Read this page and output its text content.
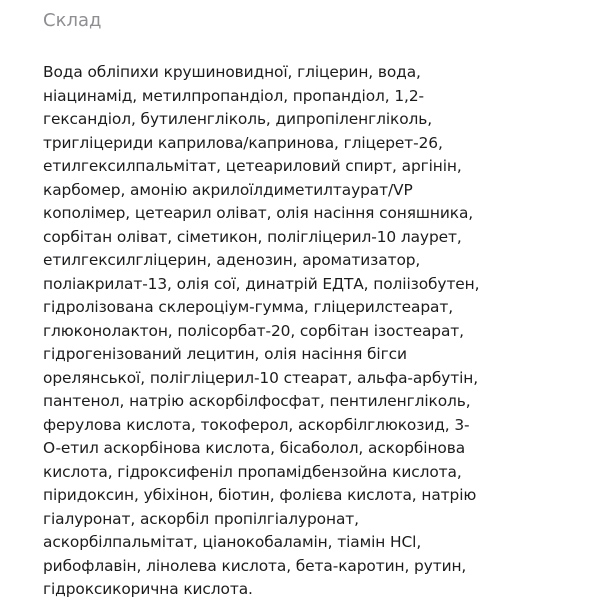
Склад
Вода обліпихи крушиновидної, гліцерин, вода,
ніацинамід, метилпропандіол, пропандіол, 1,2-
гександіол, бутиленгліколь, дипропіленгліколь,
тригліцериди каприлова/капринова, гліцерет-26,
етилгексилпальмітат, цетеариловий спирт, аргінін,
карбомер, амонію акрилоїлдиметилтаурат/VP
кополімер, цетеарил оліват, олія насіння соняшника,
сорбітан оліват, сіметикон, полігліцерил-10 лаурет,
етилгексилгліцерин, аденозин, ароматизатор,
поліакрилат-13, олія сої, динатрій ЕДТА, поліізобутен,
гідролізована склероціум-гумма, гліцерилстеарат,
глюконолактон, полісорбат-20, сорбітан ізостеарат,
гідрогенізований лецитин, олія насіння бігси
орелянської, полігліцерил-10 стеарат, альфа-арбутін,
пантенол, натрію аскорбілфосфат, пентиленгліколь,
ферулова кислота, токоферол, аскорбілглюкозид, 3-
O-етил аскорбінова кислота, бісаболол, аскорбінова
кислота, гідроксифеніл пропамідбензойна кислота,
піридоксин, убіхінон, біотин, фолієва кислота, натрію
гіалуронат, аскорбіл пропілгіалуронат,
аскорбілпальмітат, ціанокобаламін, тіамін HCl,
рибофлавін, лінолева кислота, бета-каротин, рутин,
гідроксикорична кислота.
